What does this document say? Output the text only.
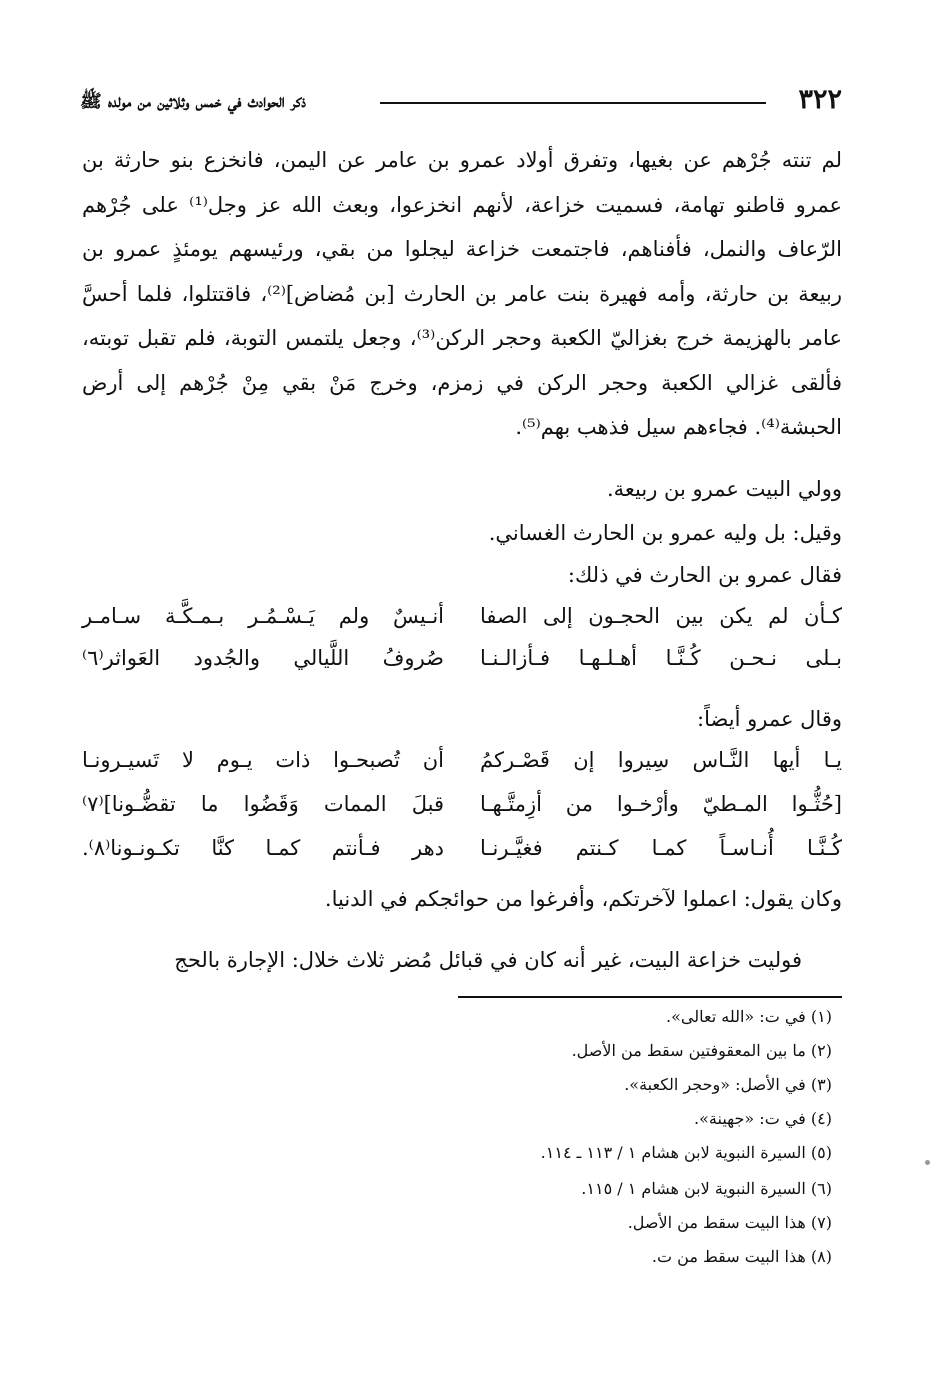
٣٢٢
ذكر الحوادث في خمس وثلاثين من مولده ﷺ

لم تنته جُرْهم عن بغيها، وتفرق أولاد عمرو بن عامر عن اليمن، فانخزع بنو حارثة بن عمرو قاطنو تهامة، فسميت خزاعة، لأنهم انخزعوا، وبعث الله عز وجل⁽¹⁾ على جُرْهم الرّعاف والنمل، فأفناهم، فاجتمعت خزاعة ليجلوا من بقي، ورئيسهم يومئذٍ عمرو بن ربيعة بن حارثة، وأمه فهيرة بنت عامر بن الحارث [بن مُضاض]⁽²⁾، فاقتتلوا، فلما أحسَّ عامر بالهزيمة خرج بغزاليّ الكعبة وحجر الركن⁽³⁾، وجعل يلتمس التوبة، فلم تقبل توبته، فألقى غزالي الكعبة وحجر الركن في زمزم، وخرج مَنْ بقي مِنْ جُرْهم إلى أرض الحبشة⁽⁴⁾. فجاءهم سيل فذهب بهم⁽⁵⁾.

وولي البيت عمرو بن ربيعة.
وقيل: بل وليه عمرو بن الحارث الغساني.
فقال عمرو بن الحارث في ذلك:
كـأن لم يكن بين الحجـون إلى الصفا
أنـيسٌ ولم يَـسْـمُـر بـمـكَّـة سـامـر
بـلى نـحـن كُـنَّـا أهـلـهـا فـأزالـنـا
صُروفُ اللَّيالي والجُدود العَواثر⁽٦⁾
وقال عمرو أيضاً:
يـا أيها النَّـاس سِيروا إن قَصْـركمُ
أن تُصبحـوا ذات يـوم لا تَسيـرونـا
[حُثُّـوا المـطيّ وأرْخـوا من أزِمتَّـهـا
قبلَ الممات وَقَضُوا ما تقضُّـونا]⁽٧⁾
كُـنَّـا أُنـاسـاً كمـا كـنتم فغيَّـرنـا
دهر فـأنتم كمـا كنَّا تكـونـونا⁽٨⁾.
وكان يقول: اعملوا لآخرتكم، وأفرغوا من حوائجكم في الدنيا.

فوليت خزاعة البيت، غير أنه كان في قبائل مُضر ثلاث خلال: الإجارة بالحج

(١) في ت: «الله تعالى».
(٢) ما بين المعقوفتين سقط من الأصل.
(٣) في الأصل: «وحجر الكعبة».
(٤) في ت: «جهينة».
(٥) السيرة النبوية لابن هشام ١ / ١١٣ ـ ١١٤.
(٦) السيرة النبوية لابن هشام ١ / ١١٥.
(٧) هذا البيت سقط من الأصل.
(٨) هذا البيت سقط من ت.
